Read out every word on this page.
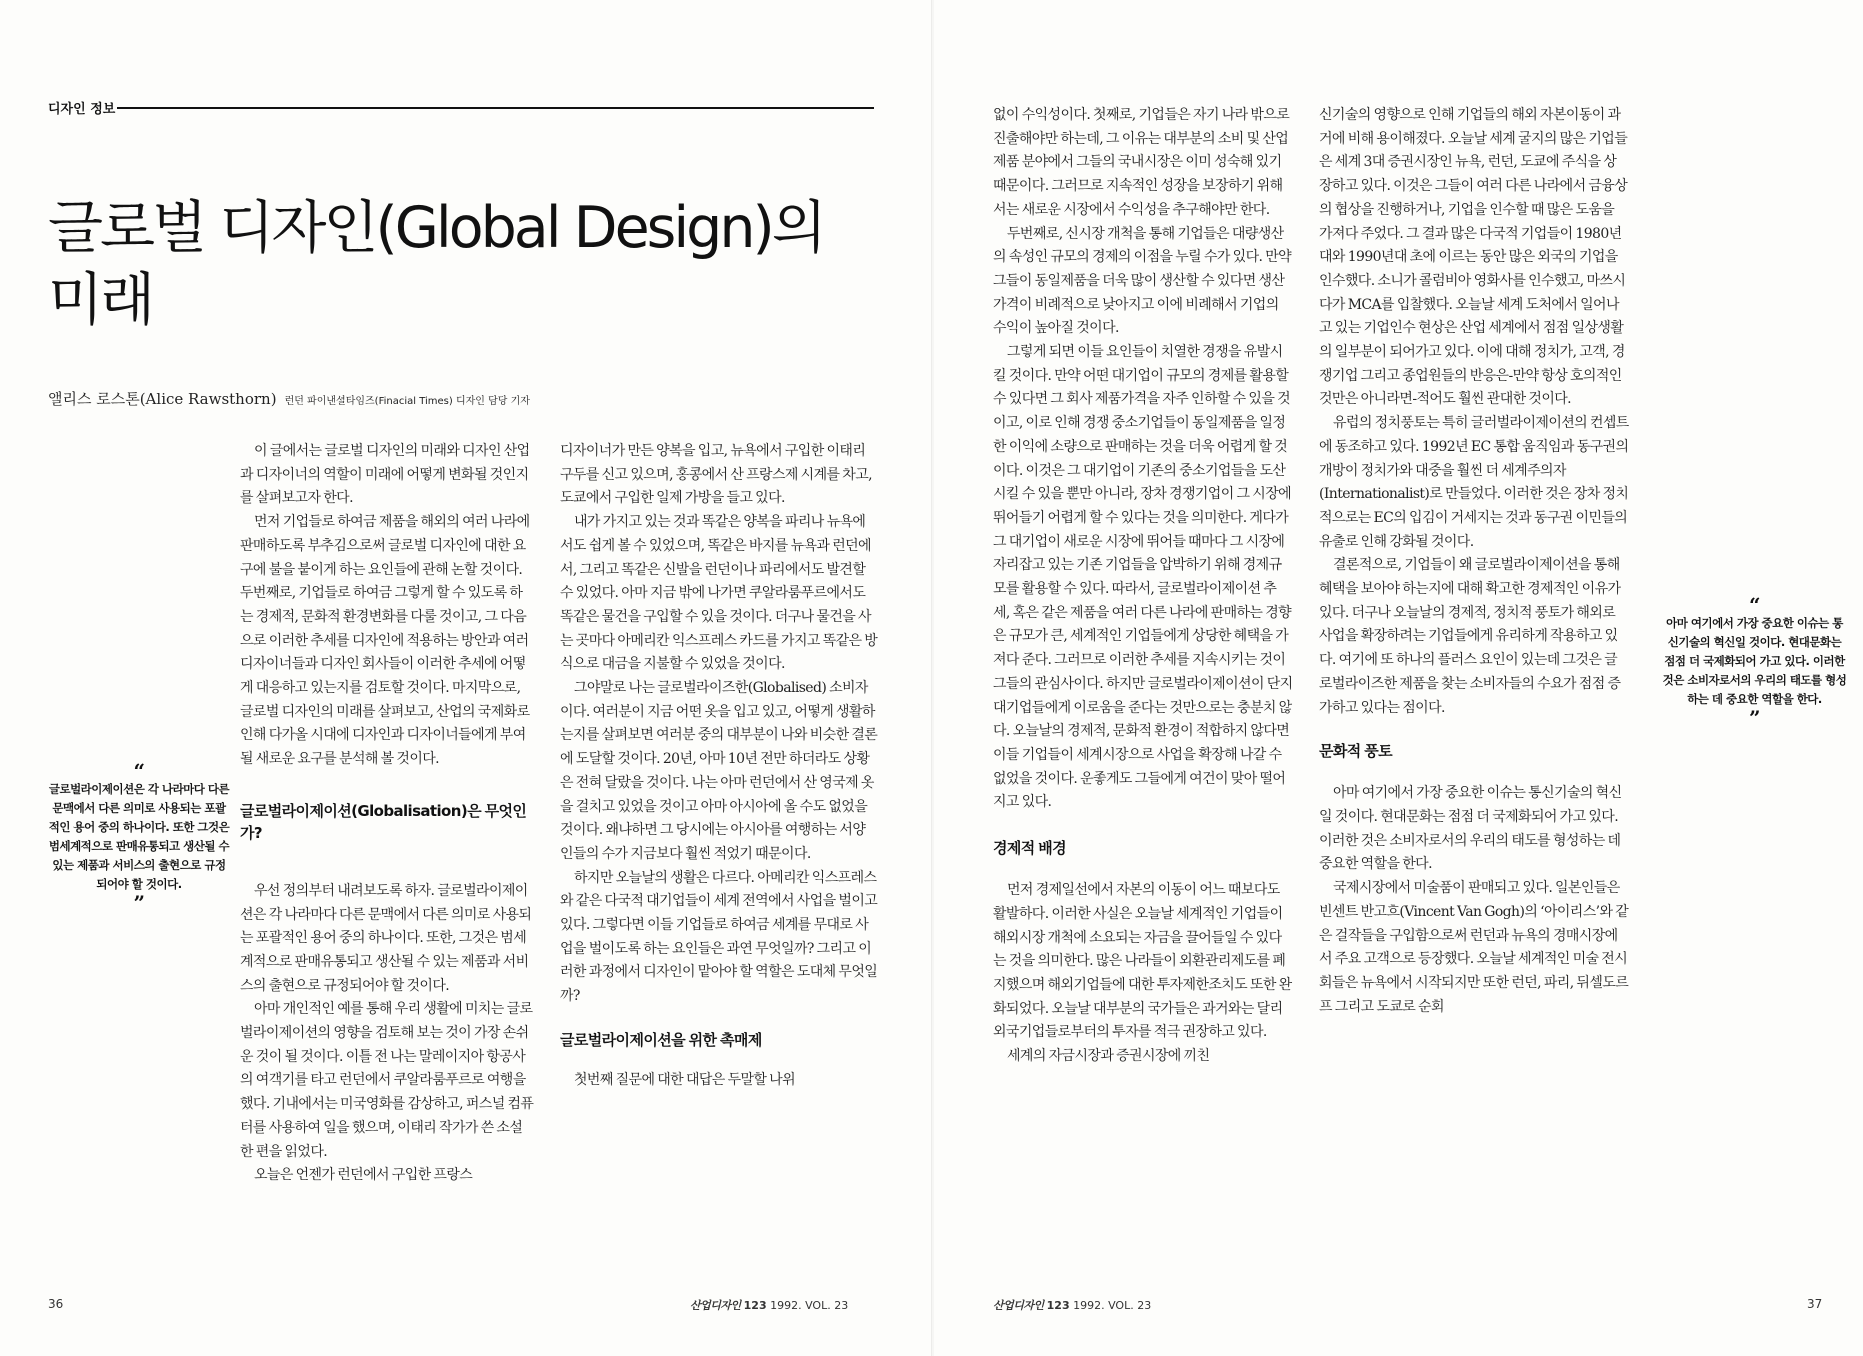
디자인 정보
글로벌 디자인(Global Design)의
미래
앨리스 로스톤(Alice Rawsthorn) 런던 파이낸셜타임즈(Finacial Times) 디자인 담당 기자
“
글로벌라이제이션은 각 나라마다 다른 문맥에서 다른 의미로 사용되는 포괄적인 용어 중의 하나이다. 또한 그것은 범세계적으로 판매유통되고 생산될 수 있는 제품과 서비스의 출현으로 규정되어야 할 것이다.
”

이 글에서는 글로벌 디자인의 미래와 디자인 산업과 디자이너의 역할이 미래에 어떻게 변화될 것인지를 살펴보고자 한다.

먼저 기업들로 하여금 제품을 해외의 여러 나라에 판매하도록 부추김으로써 글로벌 디자인에 대한 요구에 불을 붙이게 하는 요인들에 관해 논할 것이다. 두번째로, 기업들로 하여금 그렇게 할 수 있도록 하는 경제적, 문화적 환경변화를 다룰 것이고, 그 다음으로 이러한 추세를 디자인에 적용하는 방안과 여러 디자이너들과 디자인 회사들이 이러한 추세에 어떻게 대응하고 있는지를 검토할 것이다. 마지막으로, 글로벌 디자인의 미래를 살펴보고, 산업의 국제화로 인해 다가올 시대에 디자인과 디자이너들에게 부여될 새로운 요구를 분석해 볼 것이다.

글로벌라이제이션(Globalisation)은 무엇인가?

우선 정의부터 내려보도록 하자. 글로벌라이제이션은 각 나라마다 다른 문맥에서 다른 의미로 사용되는 포괄적인 용어 중의 하나이다. 또한, 그것은 범세계적으로 판매유통되고 생산될 수 있는 제품과 서비스의 출현으로 규정되어야 할 것이다.

아마 개인적인 예를 통해 우리 생활에 미치는 글로벌라이제이션의 영향을 검토해 보는 것이 가장 손쉬운 것이 될 것이다. 이틀 전 나는 말레이지아 항공사의 여객기를 타고 런던에서 쿠알라룸푸르로 여행을 했다. 기내에서는 미국영화를 감상하고, 퍼스널 컴퓨터를 사용하여 일을 했으며, 이태리 작가가 쓴 소설 한 편을 읽었다.

오늘은 언젠가 런던에서 구입한 프랑스

디자이너가 만든 양복을 입고, 뉴욕에서 구입한 이태리 구두를 신고 있으며, 홍콩에서 산 프랑스제 시계를 차고, 도쿄에서 구입한 일제 가방을 들고 있다.

내가 가지고 있는 것과 똑같은 양복을 파리나 뉴욕에서도 쉽게 볼 수 있었으며, 똑같은 바지를 뉴욕과 런던에서, 그리고 똑같은 신발을 런던이나 파리에서도 발견할 수 있었다. 아마 지금 밖에 나가면 쿠알라룸푸르에서도 똑같은 물건을 구입할 수 있을 것이다. 더구나 물건을 사는 곳마다 아메리칸 익스프레스 카드를 가지고 똑같은 방식으로 대금을 지불할 수 있었을 것이다.

그야말로 나는 글로벌라이즈한(Globalised) 소비자이다. 여러분이 지금 어떤 옷을 입고 있고, 어떻게 생활하는지를 살펴보면 여러분 중의 대부분이 나와 비슷한 결론에 도달할 것이다. 20년, 아마 10년 전만 하더라도 상황은 전혀 달랐을 것이다. 나는 아마 런던에서 산 영국제 옷을 걸치고 있었을 것이고 아마 아시아에 올 수도 없었을 것이다. 왜냐하면 그 당시에는 아시아를 여행하는 서양인들의 수가 지금보다 훨씬 적었기 때문이다.

하지만 오늘날의 생활은 다르다. 아메리칸 익스프레스와 같은 다국적 대기업들이 세계 전역에서 사업을 벌이고 있다. 그렇다면 이들 기업들로 하여금 세계를 무대로 사업을 벌이도록 하는 요인들은 과연 무엇일까? 그리고 이러한 과정에서 디자인이 맡아야 할 역할은 도대체 무엇일까?

글로벌라이제이션을 위한 촉매제

첫번째 질문에 대한 대답은 두말할 나위

36	산업디자인 123 1992. VOL. 23

없이 수익성이다. 첫째로, 기업들은 자기 나라 밖으로 진출해야만 하는데, 그 이유는 대부분의 소비 및 산업제품 분야에서 그들의 국내시장은 이미 성숙해 있기 때문이다. 그러므로 지속적인 성장을 보장하기 위해서는 새로운 시장에서 수익성을 추구해야만 한다.

두번째로, 신시장 개척을 통해 기업들은 대량생산의 속성인 규모의 경제의 이점을 누릴 수가 있다. 만약 그들이 동일제품을 더욱 많이 생산할 수 있다면 생산가격이 비례적으로 낮아지고 이에 비례해서 기업의 수익이 높아질 것이다.

그렇게 되면 이들 요인들이 치열한 경쟁을 유발시킬 것이다. 만약 어떤 대기업이 규모의 경제를 활용할 수 있다면 그 회사 제품가격을 자주 인하할 수 있을 것이고, 이로 인해 경쟁 중소기업들이 동일제품을 일정한 이익에 소량으로 판매하는 것을 더욱 어렵게 할 것이다. 이것은 그 대기업이 기존의 중소기업들을 도산시킬 수 있을 뿐만 아니라, 장차 경쟁기업이 그 시장에 뛰어들기 어렵게 할 수 있다는 것을 의미한다. 게다가 그 대기업이 새로운 시장에 뛰어들 때마다 그 시장에 자리잡고 있는 기존 기업들을 압박하기 위해 경제규모를 활용할 수 있다. 따라서, 글로벌라이제이션 추세, 혹은 같은 제품을 여러 다른 나라에 판매하는 경향은 규모가 큰, 세계적인 기업들에게 상당한 혜택을 가져다 준다. 그러므로 이러한 추세를 지속시키는 것이 그들의 관심사이다. 하지만 글로벌라이제이션이 단지 대기업들에게 이로움을 준다는 것만으로는 충분치 않다. 오늘날의 경제적, 문화적 환경이 적합하지 않다면 이들 기업들이 세계시장으로 사업을 확장해 나갈 수 없었을 것이다. 운좋게도 그들에게 여건이 맞아 떨어지고 있다.

경제적 배경

먼저 경제일선에서 자본의 이동이 어느 때보다도 활발하다. 이러한 사실은 오늘날 세계적인 기업들이 해외시장 개척에 소요되는 자금을 끌어들일 수 있다는 것을 의미한다. 많은 나라들이 외환관리제도를 폐지했으며 해외기업들에 대한 투자제한조치도 또한 완화되었다. 오늘날 대부분의 국가들은 과거와는 달리 외국기업들로부터의 투자를 적극 권장하고 있다.

세계의 자금시장과 증권시장에 끼친

신기술의 영향으로 인해 기업들의 해외 자본이동이 과거에 비해 용이해졌다. 오늘날 세계 굴지의 많은 기업들은 세계 3대 증권시장인 뉴욕, 런던, 도쿄에 주식을 상장하고 있다. 이것은 그들이 여러 다른 나라에서 금융상의 협상을 진행하거나, 기업을 인수할 때 많은 도움을 가져다 주었다. 그 결과 많은 다국적 기업들이 1980년대와 1990년대 초에 이르는 동안 많은 외국의 기업을 인수했다. 소니가 콜럼비아 영화사를 인수했고, 마쓰시다가 MCA를 입찰했다. 오늘날 세계 도처에서 일어나고 있는 기업인수 현상은 산업 세계에서 점점 일상생활의 일부분이 되어가고 있다. 이에 대해 정치가, 고객, 경쟁기업 그리고 종업원들의 반응은-만약 항상 호의적인 것만은 아니라면-적어도 훨씬 관대한 것이다.

유럽의 정치풍토는 특히 글러벌라이제이션의 컨셉트에 동조하고 있다. 1992년 EC 통합 움직임과 동구권의 개방이 정치가와 대중을 훨씬 더 세계주의자(Internationalist)로 만들었다. 이러한 것은 장차 정치적으로는 EC의 입김이 거세지는 것과 동구권 이민들의 유출로 인해 강화될 것이다.

결론적으로, 기업들이 왜 글로벌라이제이션을 통해 혜택을 보아야 하는지에 대해 확고한 경제적인 이유가 있다. 더구나 오늘날의 경제적, 정치적 풍토가 해외로 사업을 확장하려는 기업들에게 유리하게 작용하고 있다. 여기에 또 하나의 플러스 요인이 있는데 그것은 글로벌라이즈한 제품을 찾는 소비자들의 수요가 점점 증가하고 있다는 점이다.

문화적 풍토

아마 여기에서 가장 중요한 이슈는 통신기술의 혁신일 것이다. 현대문화는 점점 더 국제화되어 가고 있다. 이러한 것은 소비자로서의 우리의 태도를 형성하는 데 중요한 역할을 한다.

국제시장에서 미술품이 판매되고 있다. 일본인들은 빈센트 반고흐(Vincent Van Gogh)의 ‘아이리스’와 같은 걸작들을 구입함으로써 런던과 뉴욕의 경매시장에서 주요 고객으로 등장했다. 오늘날 세계적인 미술 전시회들은 뉴욕에서 시작되지만 또한 런던, 파리, 뒤셀도르프 그리고 도쿄로 순회

“
아마 여기에서 가장 중요한 이슈는 통신기술의 혁신일 것이다. 현대문화는 점점 더 국제화되어 가고 있다. 이러한 것은 소비자로서의 우리의 태도를 형성하는 데 중요한 역할을 한다.
”
산업디자인 123 1992. VOL. 23	37
